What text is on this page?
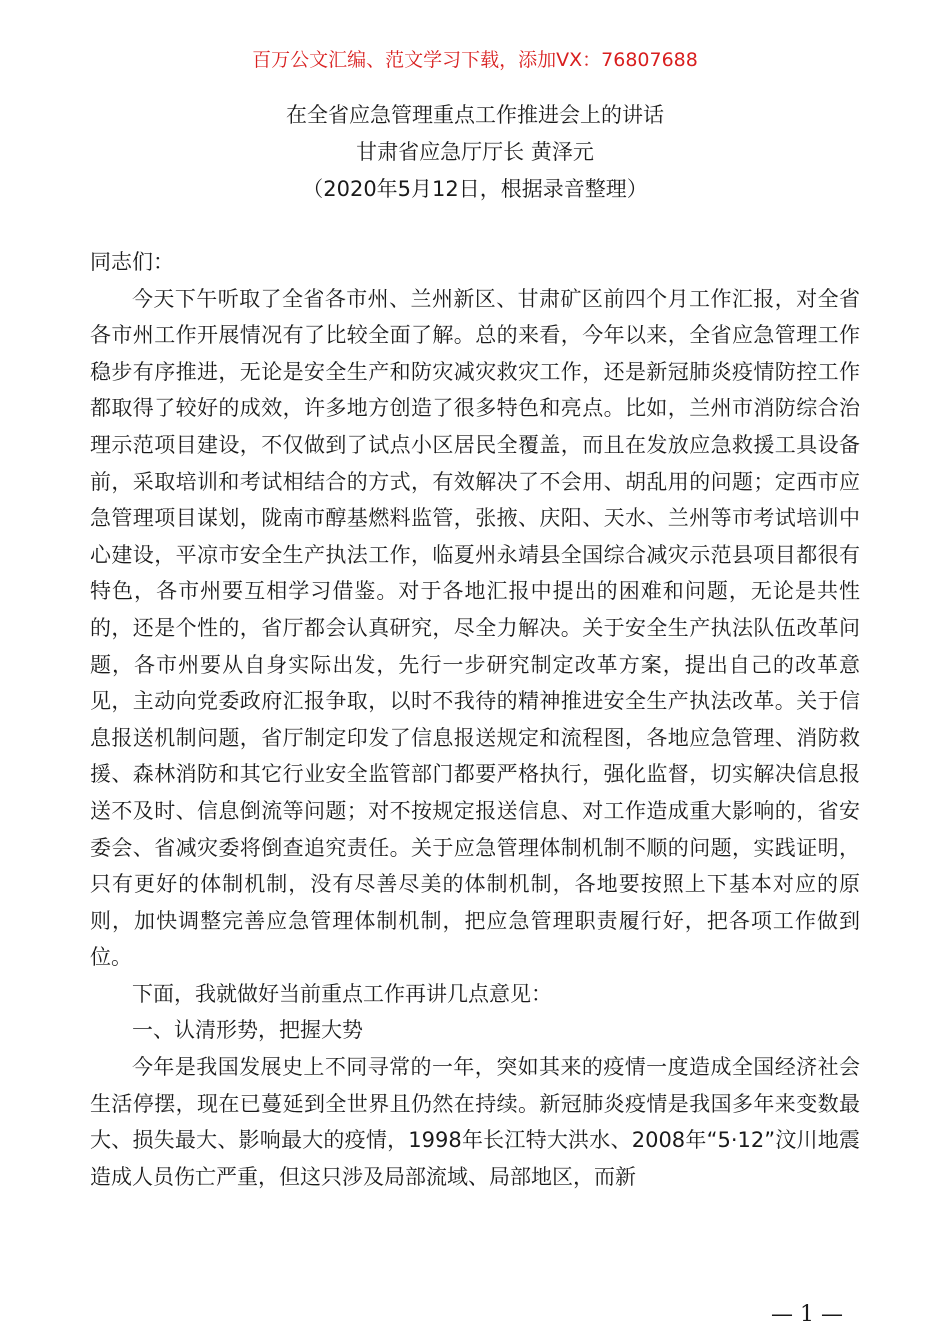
百万公文汇编、范文学习下载，添加VX：76807688
在全省应急管理重点工作推进会上的讲话
甘肃省应急厅厅长 黄泽元
（2020年5月12日，根据录音整理）

同志们：

今天下午听取了全省各市州、兰州新区、甘肃矿区前四个月工作汇报，对全省各市州工作开展情况有了比较全面了解。总的来看，今年以来，全省应急管理工作稳步有序推进，无论是安全生产和防灾减灾救灾工作，还是新冠肺炎疫情防控工作都取得了较好的成效，许多地方创造了很多特色和亮点。比如，兰州市消防综合治理示范项目建设，不仅做到了试点小区居民全覆盖，而且在发放应急救援工具设备前，采取培训和考试相结合的方式，有效解决了不会用、胡乱用的问题；定西市应急管理项目谋划，陇南市醇基燃料监管，张掖、庆阳、天水、兰州等市考试培训中心建设，平凉市安全生产执法工作，临夏州永靖县全国综合减灾示范县项目都很有特色，各市州要互相学习借鉴。对于各地汇报中提出的困难和问题，无论是共性的，还是个性的，省厅都会认真研究，尽全力解决。关于安全生产执法队伍改革问题，各市州要从自身实际出发，先行一步研究制定改革方案，提出自己的改革意见，主动向党委政府汇报争取，以时不我待的精神推进安全生产执法改革。关于信息报送机制问题，省厅制定印发了信息报送规定和流程图，各地应急管理、消防救援、森林消防和其它行业安全监管部门都要严格执行，强化监督，切实解决信息报送不及时、信息倒流等问题；对不按规定报送信息、对工作造成重大影响的，省安委会、省减灾委将倒查追究责任。关于应急管理体制机制不顺的问题，实践证明，只有更好的体制机制，没有尽善尽美的体制机制，各地要按照上下基本对应的原则，加快调整完善应急管理体制机制，把应急管理职责履行好，把各项工作做到位。

下面，我就做好当前重点工作再讲几点意见：

一、认清形势，把握大势

今年是我国发展史上不同寻常的一年，突如其来的疫情一度造成全国经济社会生活停摆，现在已蔓延到全世界且仍然在持续。新冠肺炎疫情是我国多年来变数最大、损失最大、影响最大的疫情，1998年长江特大洪水、2008年“5·12”汶川地震造成人员伤亡严重，但这只涉及局部流域、局部地区，而新

— 1 —
